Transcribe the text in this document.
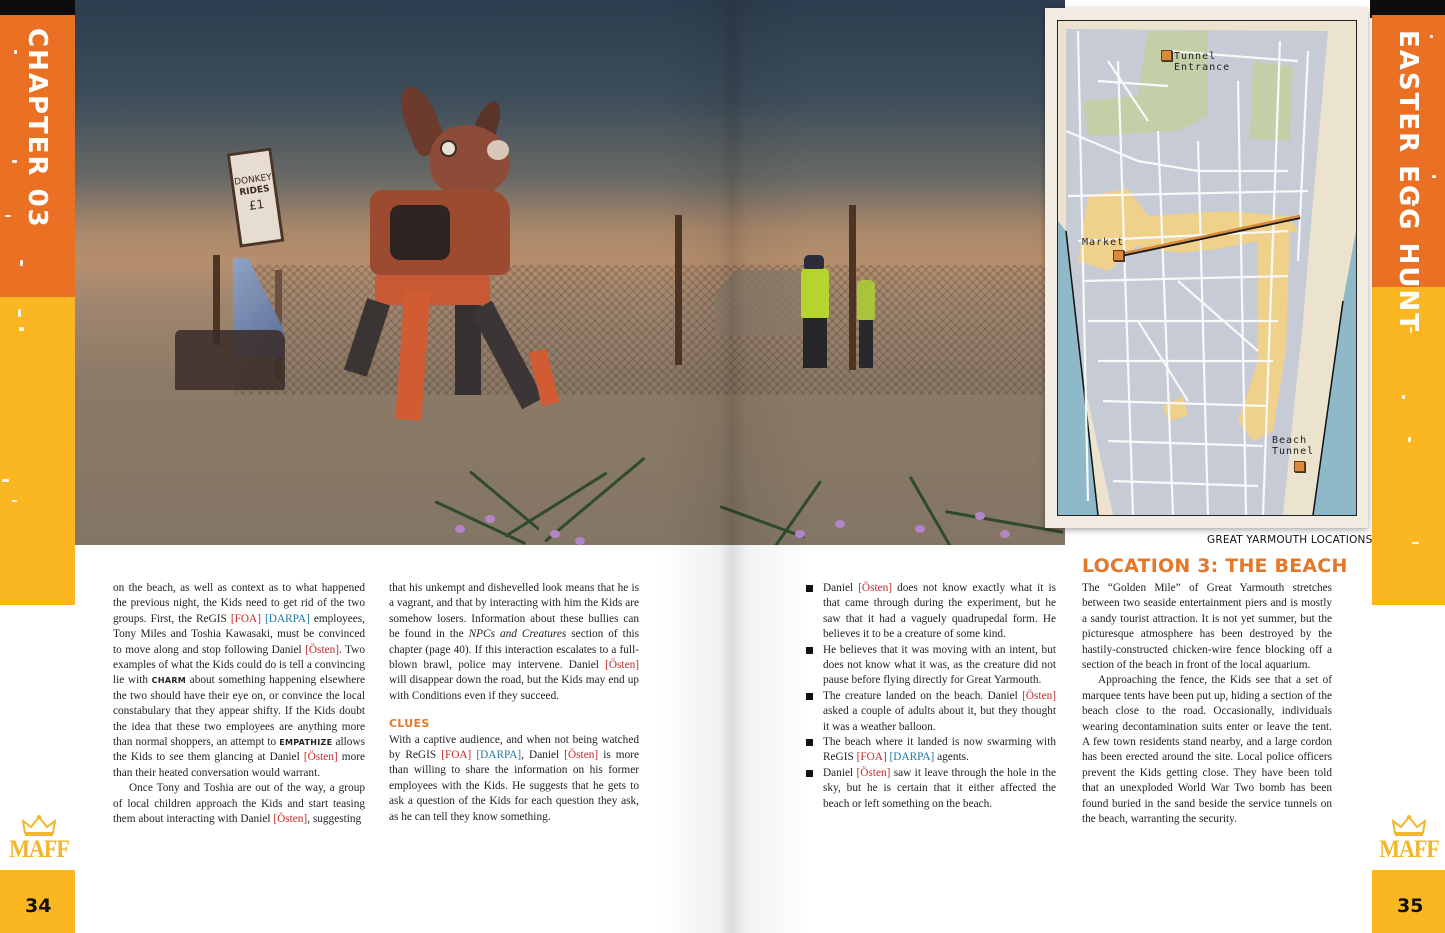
CHAPTER 03
MAFF
34
EASTER EGG HUNT
MAFF
35
DONKEY
RIDES
£1
Tunnel
Entrance
Market
Beach
Tunnel
GREAT YARMOUTH LOCATIONS

on the beach, as well as context as to what happened the previous night, the Kids need to get rid of the two groups. First, the ReGIS [FOA] [DARPA] employees, Tony Miles and Toshia Kawasaki, must be convinced to move along and stop following Daniel [Östen]. Two examples of what the Kids could do is tell a convincing lie with CHARM about something happening elsewhere the two should have their eye on, or convince the local constabulary that they appear shifty. If the Kids doubt the idea that these two employees are anything more than normal shoppers, an attempt to EMPATHIZE allows the Kids to see them glancing at Daniel [Östen] more than their heated conversation would warrant.

Once Tony and Toshia are out of the way, a group of local children approach the Kids and start teasing them about interacting with Daniel [Östen], suggesting

that his unkempt and dishevelled look means that he is a vagrant, and that by interacting with him the Kids are somehow losers. Information about these bullies can be found in the NPCs and Creatures section of this chapter (page 40). If this interaction escalates to a full-blown brawl, police may intervene. Daniel [Östen] will disappear down the road, but the Kids may end up with Conditions even if they succeed.

CLUES

With a captive audience, and when not being watched by ReGIS [FOA] [DARPA], Daniel [Östen] is more than willing to share the information on his former employees with the Kids. He suggests that he gets to ask a question of the Kids for each question they ask, as he can tell they know something.

Daniel [Östen] does not know exactly what it is that came through during the experiment, but he saw that it had a vaguely quadrupedal form. He believes it to be a creature of some kind.
He believes that it was moving with an intent, but does not know what it was, as the creature did not pause before flying directly for Great Yarmouth.
The creature landed on the beach. Daniel [Östen] asked a couple of adults about it, but they thought it was a weather balloon.
The beach where it landed is now swarming with ReGIS [FOA] [DARPA] agents.
Daniel [Östen] saw it leave through the hole in the sky, but he is certain that it either affected the beach or left something on the beach.
LOCATION 3: THE BEACH

The “Golden Mile” of Great Yarmouth stretches between two seaside entertainment piers and is mostly a sandy tourist attraction. It is not yet summer, but the picturesque atmosphere has been destroyed by the hastily-constructed chicken-wire fence blocking off a section of the beach in front of the local aquarium.

Approaching the fence, the Kids see that a set of marquee tents have been put up, hiding a section of the beach close to the road. Occasionally, individuals wearing decontamination suits enter or leave the tent. A few town residents stand nearby, and a large cordon has been erected around the site. Local police officers prevent the Kids getting close. They have been told that an unexploded World War Two bomb has been found buried in the sand beside the service tunnels on the beach, warranting the security.
